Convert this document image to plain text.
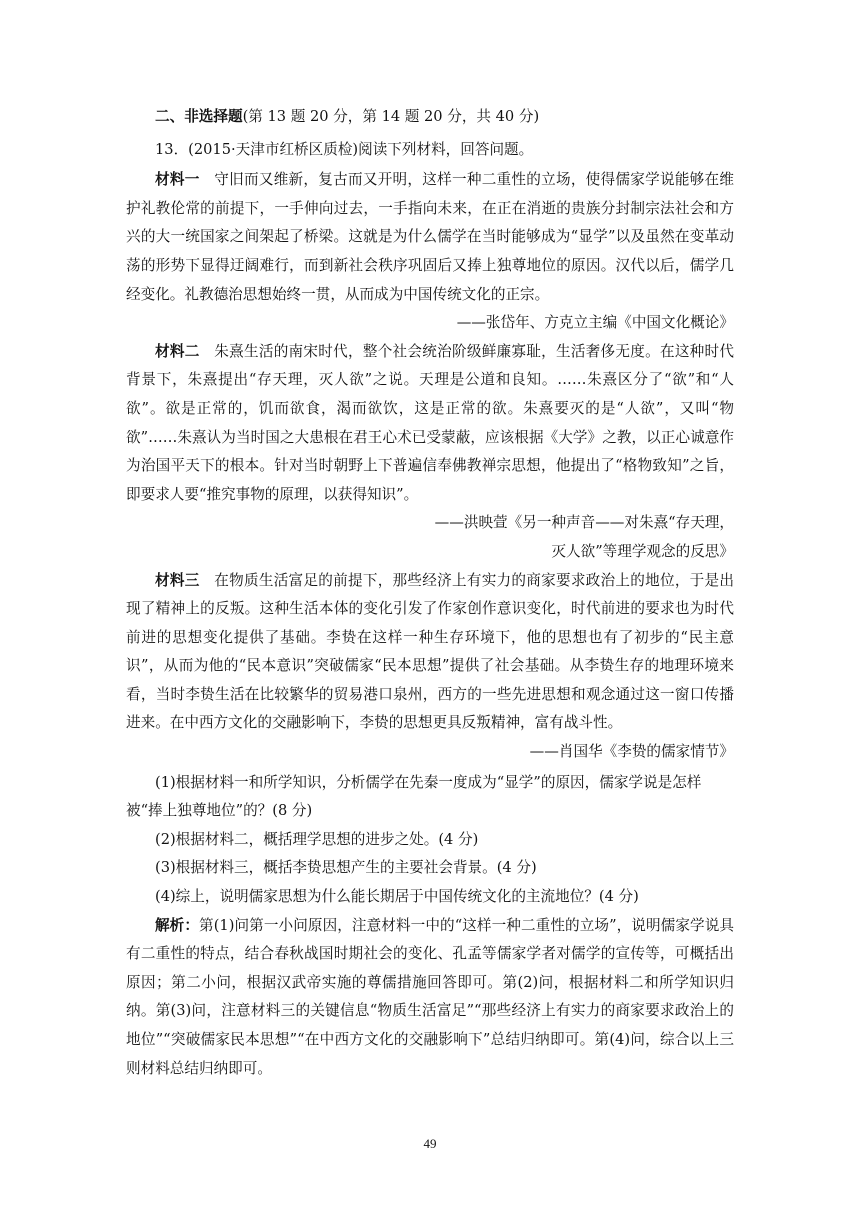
二、非选择题(第 13 题 20 分，第 14 题 20 分，共 40 分)

13．(2015·天津市红桥区质检)阅读下列材料，回答问题。

材料一 守旧而又维新，复古而又开明，这样一种二重性的立场，使得儒家学说能够在维护礼教伦常的前提下，一手伸向过去，一手指向未来，在正在消逝的贵族分封制宗法社会和方兴的大一统国家之间架起了桥梁。这就是为什么儒学在当时能够成为“显学”以及虽然在变革动荡的形势下显得迂阔难行，而到新社会秩序巩固后又捧上独尊地位的原因。汉代以后，儒学几经变化。礼教德治思想始终一贯，从而成为中国传统文化的正宗。

——张岱年、方克立主编《中国文化概论》

材料二 朱熹生活的南宋时代，整个社会统治阶级鲜廉寡耻，生活奢侈无度。在这种时代背景下，朱熹提出“存天理，灭人欲”之说。天理是公道和良知。……朱熹区分了“欲”和“人欲”。欲是正常的，饥而欲食，渴而欲饮，这是正常的欲。朱熹要灭的是“人欲”，又叫“物欲”……朱熹认为当时国之大患根在君王心术已受蒙蔽，应该根据《大学》之教，以正心诚意作为治国平天下的根本。针对当时朝野上下普遍信奉佛教禅宗思想，他提出了“格物致知”之旨，即要求人要“推究事物的原理，以获得知识”。

——洪映萱《另一种声音——对朱熹“存天理，

灭人欲”等理学观念的反思》

材料三 在物质生活富足的前提下，那些经济上有实力的商家要求政治上的地位，于是出现了精神上的反叛。这种生活本体的变化引发了作家创作意识变化，时代前进的要求也为时代前进的思想变化提供了基础。李贽在这样一种生存环境下，他的思想也有了初步的“民主意识”，从而为他的“民本意识”突破儒家“民本思想”提供了社会基础。从李贽生存的地理环境来看，当时李贽生活在比较繁华的贸易港口泉州，西方的一些先进思想和观念通过这一窗口传播进来。在中西方文化的交融影响下，李贽的思想更具反叛精神，富有战斗性。

——肖国华《李贽的儒家情节》

(1)根据材料一和所学知识，分析儒学在先秦一度成为“显学”的原因，儒家学说是怎样被“捧上独尊地位”的？(8 分)

(2)根据材料二，概括理学思想的进步之处。(4 分)

(3)根据材料三，概括李贽思想产生的主要社会背景。(4 分)

(4)综上，说明儒家思想为什么能长期居于中国传统文化的主流地位？(4 分)

解析：第(1)问第一小问原因，注意材料一中的“这样一种二重性的立场”，说明儒家学说具有二重性的特点，结合春秋战国时期社会的变化、孔孟等儒家学者对儒学的宣传等，可概括出原因；第二小问，根据汉武帝实施的尊儒措施回答即可。第(2)问，根据材料二和所学知识归纳。第(3)问，注意材料三的关键信息“物质生活富足”“那些经济上有实力的商家要求政治上的地位”“突破儒家民本思想”“在中西方文化的交融影响下”总结归纳即可。第(4)问，综合以上三则材料总结归纳即可。

49
